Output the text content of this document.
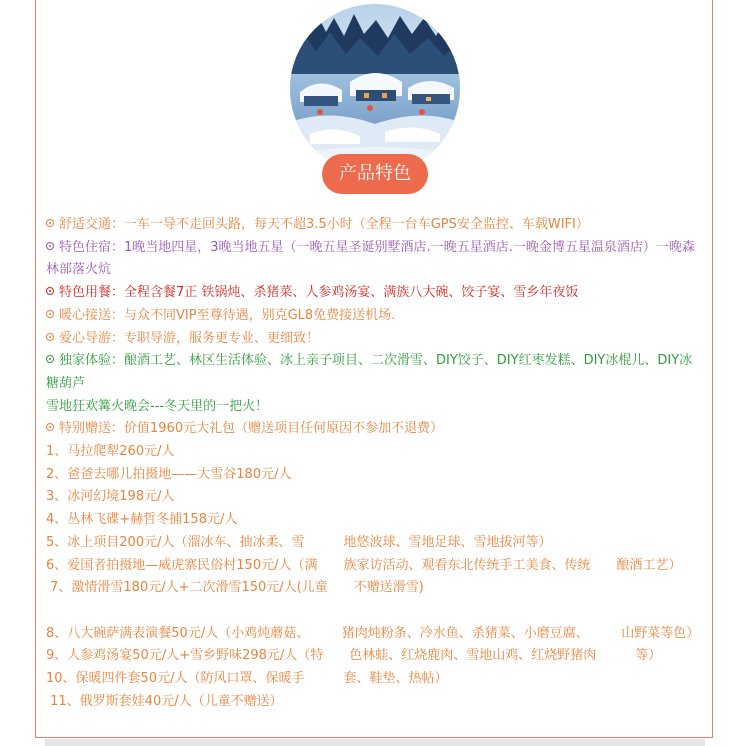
产品特色
舒适交通：一车一导不走回头路，每天不超3.5小时（全程一台车GPS安全监控、车载WIFI）
特色住宿：1晚当地四星，3晚当地五星（一晚五星圣诞别墅酒店.一晚五星酒店.一晚金博五星温泉酒店）一晚森林部落火炕
特色用餐：全程含餐7正 铁锅炖、杀猪菜、人参鸡汤宴、满族八大碗、饺子宴、雪乡年夜饭
暖心接送：与众不同VIP至尊待遇，别克GL8免费接送机场.
爱心导游：专职导游，服务更专业、更细致！
独家体验：酿酒工艺、林区生活体验、冰上亲子项目、二次滑雪、DIY饺子、DIY红枣发糕、DIY冰棍儿、DIY冰糖葫芦
雪地狂欢篝火晚会---冬天里的一把火！
特别赠送：价值1960元大礼包（赠送项目任何原因不参加不退费）
1、马拉爬犁260元/人
2、爸爸去哪儿拍摄地——大雪谷180元/人
3、冰河幻境198元/人
4、丛林飞碟+赫哲冬捕158元/人
5、冰上项目200元/人（溜冰车、抽冰柔、雪　　　地悠波球、雪地足球、雪地拔河等）
6、爱国者拍摄地—威虎寨民俗村150元/人（满　　族家访活动、观看东北传统手工美食、传统　　酿酒工艺）
7、激情滑雪180元/人+二次滑雪150元/人(儿童　　不赠送滑雪)
8、八大碗萨满表演餐50元/人（小鸡炖蘑菇、　　　猪肉炖粉条、冷水鱼、杀猪菜、小磨豆腐、　　　山野菜等色）
9、人参鸡汤宴50元/人+雪乡野味298元/人（特　　色林蛙、红烧鹿肉、雪地山鸡、红烧野猪肉　　　等）
10、保暖四件套50元/人（防风口罩、保暖手　　　套、鞋垫、热帖）
11、俄罗斯套娃40元/人（儿童不赠送）
